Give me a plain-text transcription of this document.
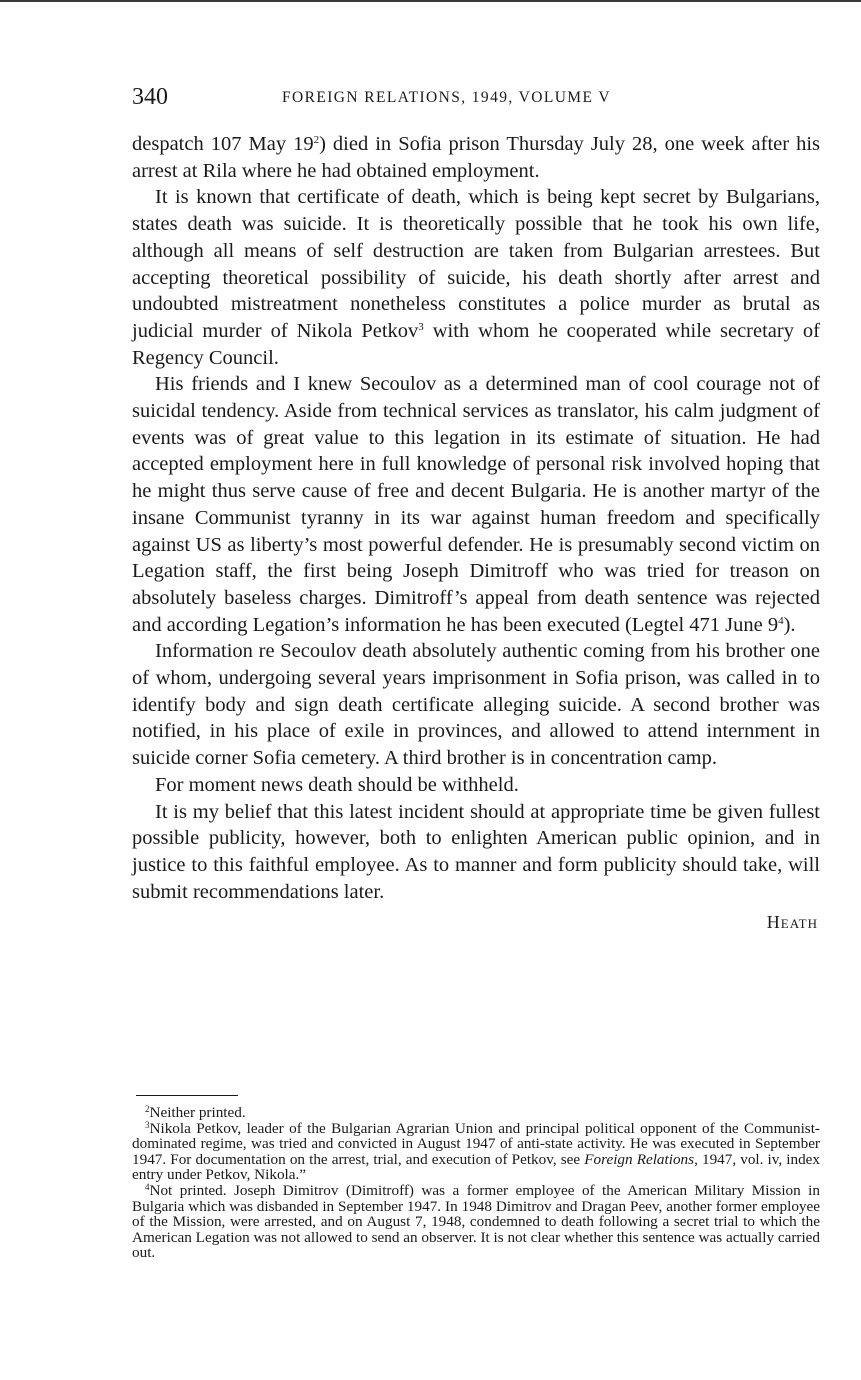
340	FOREIGN RELATIONS, 1949, VOLUME V

despatch 107 May $19^2$) died in Sofia prison Thursday July 28, one week after his arrest at Rila where he had obtained employment.

It is known that certificate of death, which is being kept secret by Bulgarians, states death was suicide. It is theoretically possible that he took his own life, although all means of self destruction are taken from Bulgarian arrestees. But accepting theoretical possibility of suicide, his death shortly after arrest and undoubted mistreatment nonetheless constitutes a police murder as brutal as judicial murder of Nikola Petkov$^3$ with whom he cooperated while secretary of Regency Council.

His friends and I knew Secoulov as a determined man of cool courage not of suicidal tendency. Aside from technical services as translator, his calm judgment of events was of great value to this legation in its estimate of situation. He had accepted employment here in full knowledge of personal risk involved hoping that he might thus serve cause of free and decent Bulgaria. He is another martyr of the insane Communist tyranny in its war against human freedom and specifically against US as liberty’s most powerful defender. He is presumably second victim on Legation staff, the first being Joseph Dimitroff who was tried for treason on absolutely baseless charges. Dimitroff’s appeal from death sentence was rejected and according Legation’s information he has been executed (Legtel 471 June $9^4$).

Information re Secoulov death absolutely authentic coming from his brother one of whom, undergoing several years imprisonment in Sofia prison, was called in to identify body and sign death certificate alleging suicide. A second brother was notified, in his place of exile in provinces, and allowed to attend internment in suicide corner Sofia cemetery. A third brother is in concentration camp.

For moment news death should be withheld.

It is my belief that this latest incident should at appropriate time be given fullest possible publicity, however, both to enlighten American public opinion, and in justice to this faithful employee. As to manner and form publicity should take, will submit recommendations later.

Heath

$^2$Neither printed.

$^3$Nikola Petkov, leader of the Bulgarian Agrarian Union and principal political opponent of the Communist-dominated regime, was tried and convicted in August 1947 of anti-state activity. He was executed in September 1947. For documentation on the arrest, trial, and execution of Petkov, see Foreign Relations, 1947, vol. iv, index entry under Petkov, Nikola.”

$^4$Not printed. Joseph Dimitrov (Dimitroff) was a former employee of the American Military Mission in Bulgaria which was disbanded in September 1947. In 1948 Dimitrov and Dragan Peev, another former employee of the Mission, were arrested, and on August 7, 1948, condemned to death following a secret trial to which the American Legation was not allowed to send an observer. It is not clear whether this sentence was actually carried out.
